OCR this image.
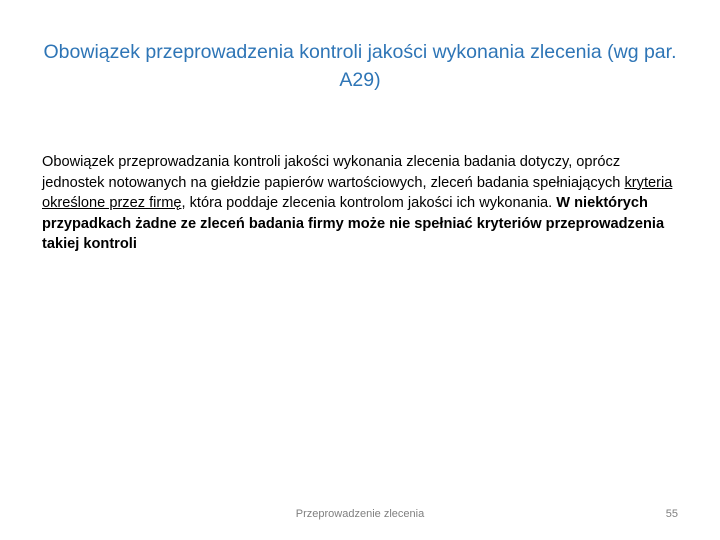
Obowiązek przeprowadzenia kontroli jakości wykonania zlecenia (wg par. A29)
Obowiązek przeprowadzania kontroli jakości wykonania zlecenia badania dotyczy, oprócz jednostek notowanych na giełdzie papierów wartościowych, zleceń badania spełniających kryteria określone przez firmę, która poddaje zlecenia kontrolom jakości ich wykonania. W niektórych przypadkach żadne ze zleceń badania firmy może nie spełniać kryteriów przeprowadzenia takiej kontroli
Przeprowadzenie zlecenia	55
